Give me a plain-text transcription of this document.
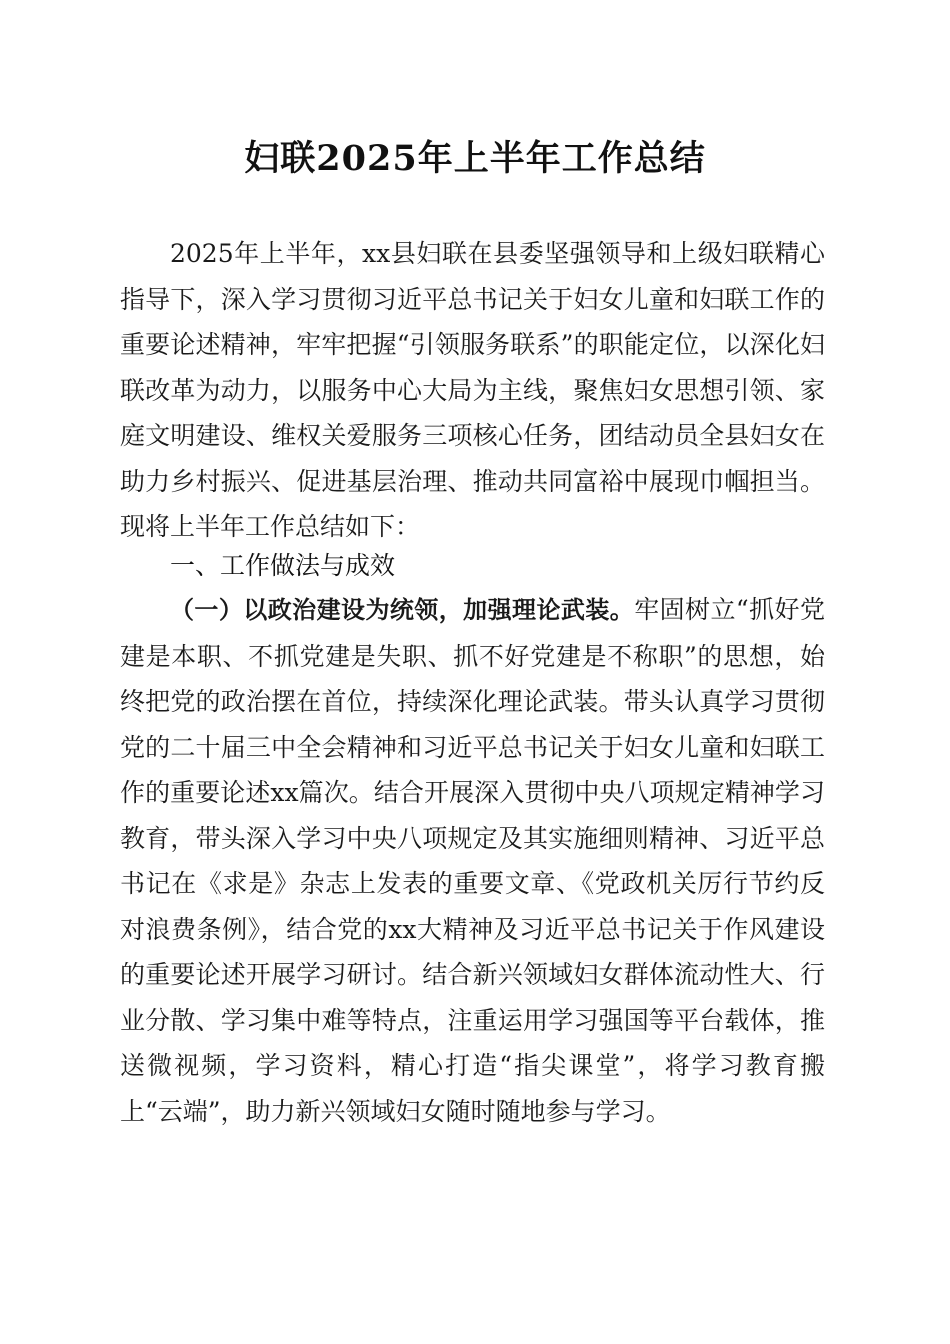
妇联2025年上半年工作总结
2025年上半年，xx县妇联在县委坚强领导和上级妇联精心指导下，深入学习贯彻习近平总书记关于妇女儿童和妇联工作的重要论述精神，牢牢把握“引领服务联系”的职能定位，以深化妇联改革为动力，以服务中心大局为主线，聚焦妇女思想引领、家庭文明建设、维权关爱服务三项核心任务，团结动员全县妇女在助力乡村振兴、促进基层治理、推动共同富裕中展现巾帼担当。现将上半年工作总结如下：
一、工作做法与成效
（一）以政治建设为统领，加强理论武装。牢固树立“抓好党建是本职、不抓党建是失职、抓不好党建是不称职”的思想，始终把党的政治摆在首位，持续深化理论武装。带头认真学习贯彻党的二十届三中全会精神和习近平总书记关于妇女儿童和妇联工作的重要论述xx篇次。结合开展深入贯彻中央八项规定精神学习教育，带头深入学习中央八项规定及其实施细则精神、习近平总书记在《求是》杂志上发表的重要文章、《党政机关厉行节约反对浪费条例》，结合党的xx大精神及习近平总书记关于作风建设的重要论述开展学习研讨。结合新兴领域妇女群体流动性大、行业分散、学习集中难等特点，注重运用学习强国等平台载体，推送微视频，学习资料，精心打造“指尖课堂”，将学习教育搬上“云端”，助力新兴领域妇女随时随地参与学习。
